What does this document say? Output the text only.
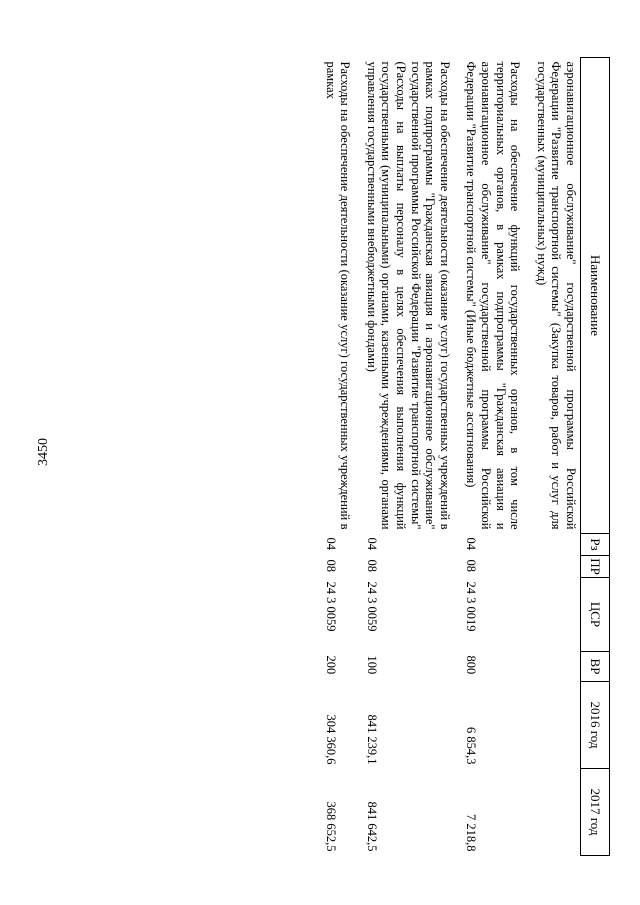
3450
Наименование	Рз	ПР	ЦСР	ВР	2016 год	2017 год
аэронавигационное обслуживание" государственной программы Российской Федерации "Развитие транспортной системы" (Закупка товаров, работ и услуг для государственных (муниципальных) нужд)						
Расходы на обеспечение функций государственных органов, в том числе территориальных органов, в рамках подпрограммы "Гражданская авиация и аэронавигационное обслуживание" государственной программы Российской Федерации "Развитие транспортной системы" (Иные бюджетные ассигнования)	04	08	24 3 0019	800	6 854,3	7 218,8
Расходы на обеспечение деятельности (оказание услуг) государственных учреждений в рамках подпрограммы "Гражданская авиация и аэронавигационное обслуживание" государственной программы Российской Федерации "Развитие транспортной системы" (Расходы на выплаты персоналу в целях обеспечения выполнения функций государственными (муниципальными) органами, казенными учреждениями, органами управления государственными внебюджетными фондами)	04	08	24 3 0059	100	841 239,1	841 642,5
Расходы на обеспечение деятельности (оказание услуг) государственных учреждений в рамках	04	08	24 3 0059	200	304 360,6	368 652,5
